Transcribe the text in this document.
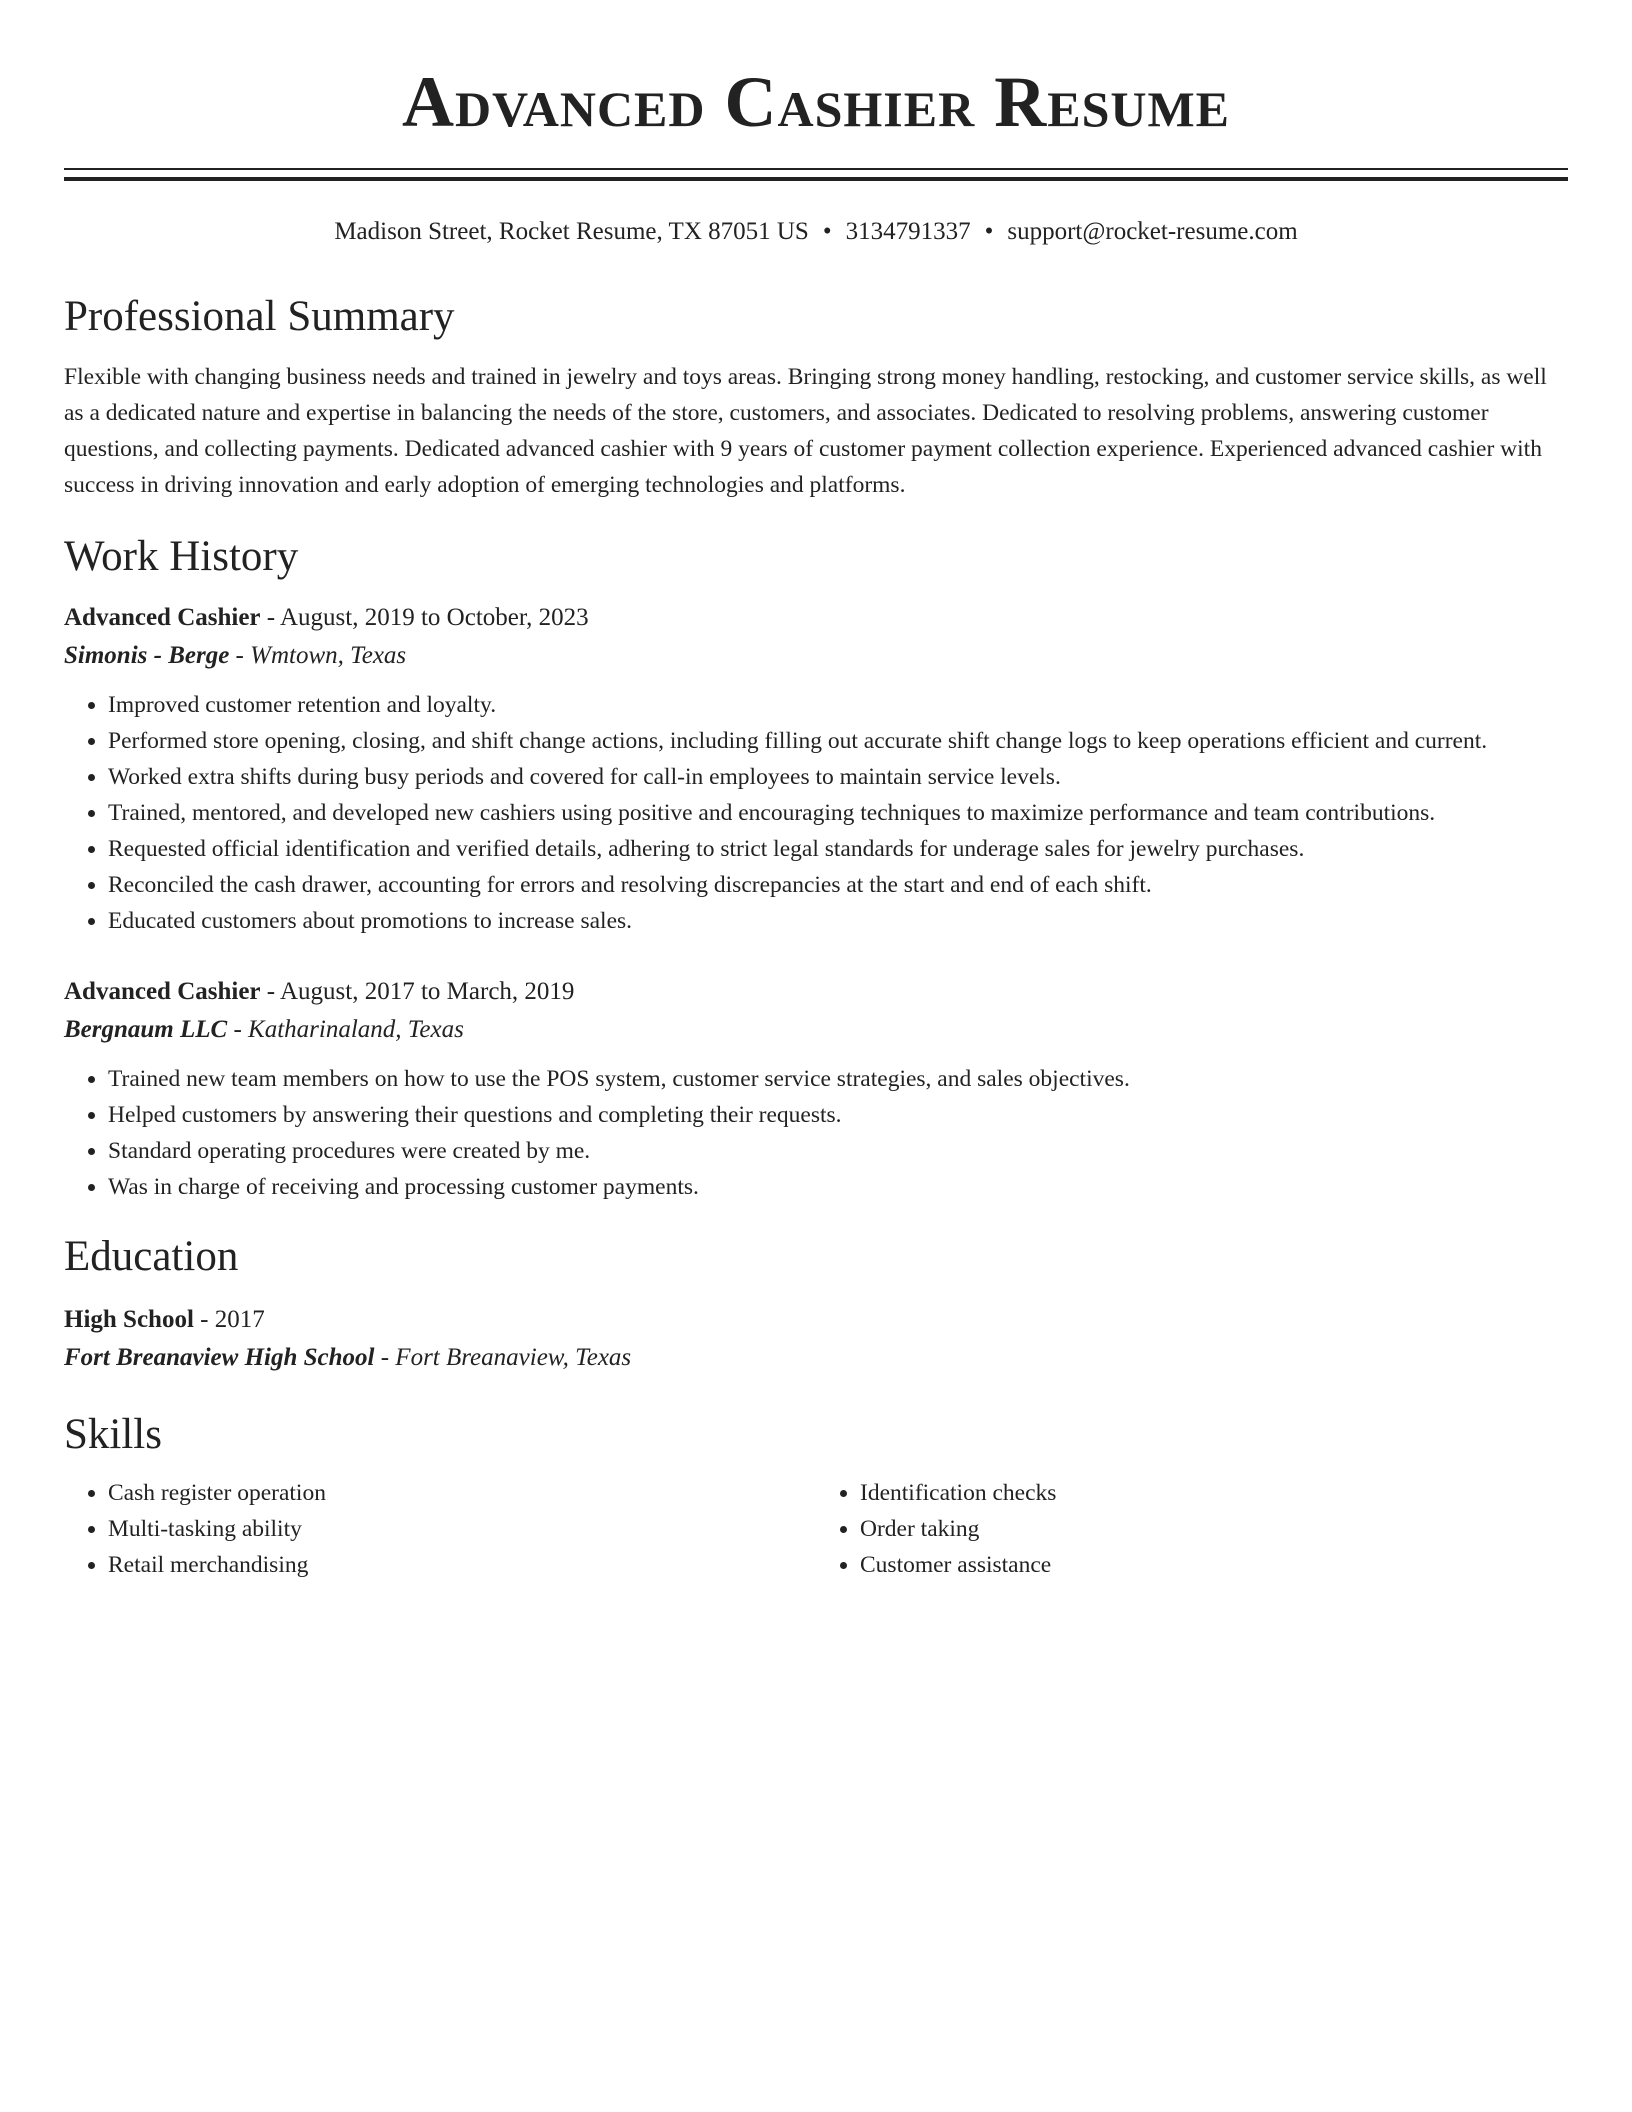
Advanced Cashier Resume
Madison Street, Rocket Resume, TX 87051 US • 3134791337 • support@rocket-resume.com
Professional Summary

Flexible with changing business needs and trained in jewelry and toys areas. Bringing strong money handling, restocking, and customer service skills, as well as a dedicated nature and expertise in balancing the needs of the store, customers, and associates. Dedicated to resolving problems, answering customer questions, and collecting payments. Dedicated advanced cashier with 9 years of customer payment collection experience. Experienced advanced cashier with success in driving innovation and early adoption of emerging technologies and platforms.

Work History
Advanced Cashier - August, 2019 to October, 2023
Simonis - Berge - Wmtown, Texas
• Improved customer retention and loyalty.
• Performed store opening, closing, and shift change actions, including filling out accurate shift change logs to keep operations efficient and current.
• Worked extra shifts during busy periods and covered for call-in employees to maintain service levels.
• Trained, mentored, and developed new cashiers using positive and encouraging techniques to maximize performance and team contributions.
• Requested official identification and verified details, adhering to strict legal standards for underage sales for jewelry purchases.
• Reconciled the cash drawer, accounting for errors and resolving discrepancies at the start and end of each shift.
• Educated customers about promotions to increase sales.
Advanced Cashier - August, 2017 to March, 2019
Bergnaum LLC - Katharinaland, Texas
• Trained new team members on how to use the POS system, customer service strategies, and sales objectives.
• Helped customers by answering their questions and completing their requests.
• Standard operating procedures were created by me.
• Was in charge of receiving and processing customer payments.
Education
High School - 2017
Fort Breanaview High School - Fort Breanaview, Texas
Skills
• Cash register operation
• Multi-tasking ability
• Retail merchandising
• Identification checks
• Order taking
• Customer assistance
